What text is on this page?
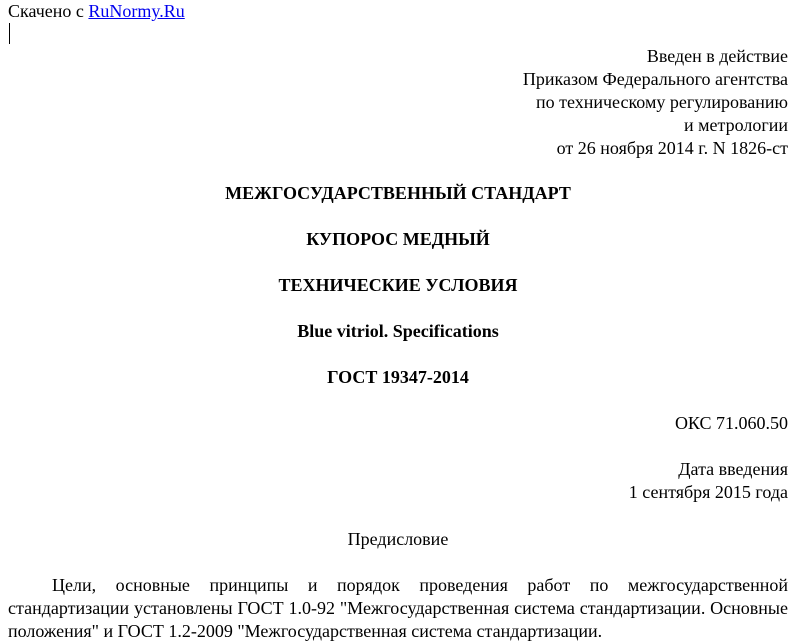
Скачено с RuNormy.Ru
Введен в действие
Приказом Федерального агентства
по техническому регулированию
и метрологии
от 26 ноября 2014 г. N 1826-ст
МЕЖГОСУДАРСТВЕННЫЙ СТАНДАРТ
КУПОРОС МЕДНЫЙ
ТЕХНИЧЕСКИЕ УСЛОВИЯ
Blue vitriol. Specifications
ГОСТ 19347-2014
ОКС 71.060.50
Дата введения
1 сентября 2015 года
Предисловие
Цели, основные принципы и порядок проведения работ по межгосударственной стандартизации установлены ГОСТ 1.0-92 "Межгосударственная система стандартизации. Основные положения" и ГОСТ 1.2-2009 "Межгосударственная система стандартизации.
